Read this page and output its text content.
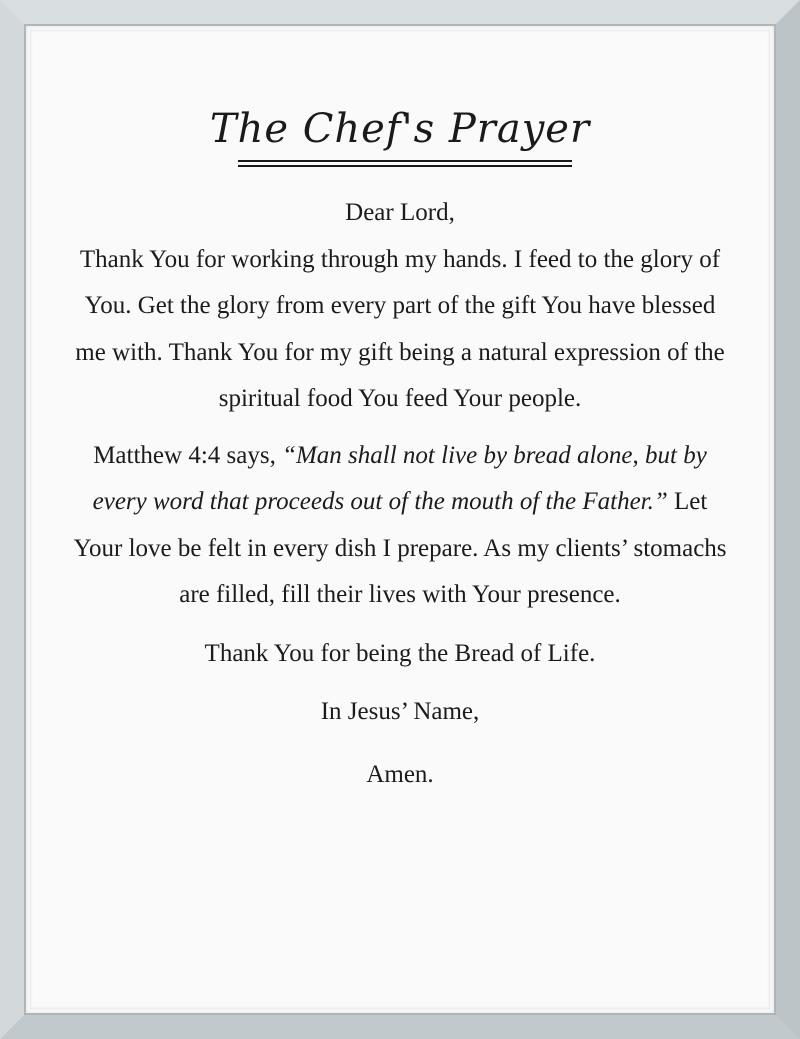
The Chef's Prayer

Dear Lord,

Thank You for working through my hands. I feed to the glory of You. Get the glory from every part of the gift You have blessed me with. Thank You for my gift being a natural expression of the spiritual food You feed Your people.

Matthew 4:4 says, “Man shall not live by bread alone, but by every word that proceeds out of the mouth of the Father.” Let Your love be felt in every dish I prepare. As my clients’ stomachs are filled, fill their lives with Your presence.

Thank You for being the Bread of Life.

In Jesus’ Name,

Amen.
